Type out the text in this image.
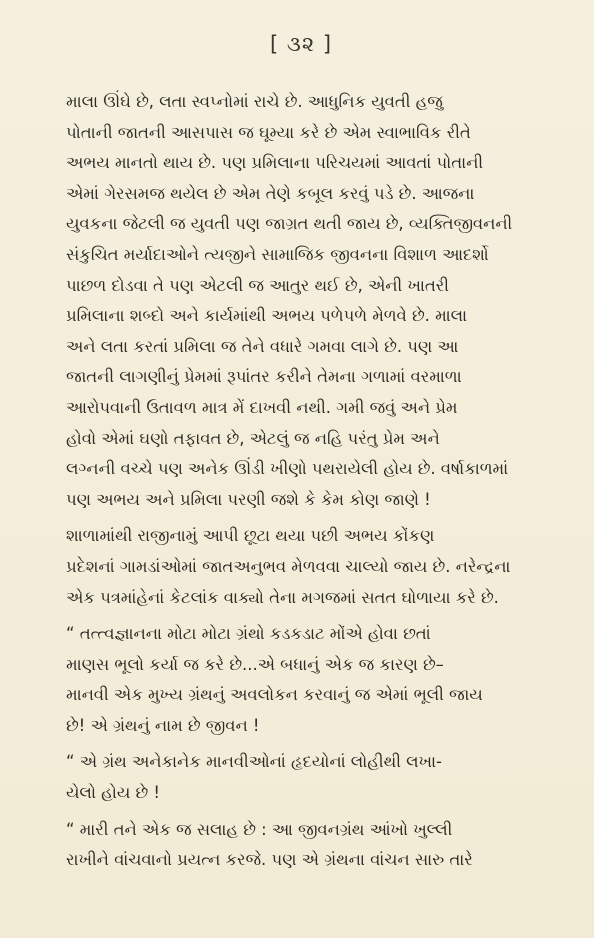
[ ૩૨ ]
માલા ઊંઘે છે, લતા સ્વપ્નોમાં રાચે છે. આધુનિક યુવતી હજુ
પોતાની જાતની આસપાસ જ ઘૂમ્યા કરે છે એમ સ્વાભાવિક રીતે
અભય માનતો થાય છે. પણ પ્રમિલાના પરિચયમાં આવતાં પોતાની
એમાં ગેરસમજ થયેલ છે એમ તેણે કબૂલ કરવું પડે છે. આજના
યુવકના જેટલી જ યુવતી પણ જાગ્રત થતી જાય છે, વ્યક્તિજીવનની
સંકુચિત મર્યાદાઓને ત્યજીને સામાજિક જીવનના વિશાળ આદર્શો
પાછળ દોડવા તે પણ એટલી જ આતુર થઈ છે, એની ખાતરી
પ્રમિલાના શબ્દો અને કાર્યમાંથી અભય પળેપળે મેળવે છે. માલા
અને લતા કરતાં પ્રમિલા જ તેને વધારે ગમવા લાગે છે. પણ આ
જાતની લાગણીનું પ્રેમમાં રૂપાંતર કરીને તેમના ગળામાં વરમાળા
આરોપવાની ઉતાવળ માત્ર મેં દાખવી નથી. ગમી જવું અને પ્રેમ
હોવો એમાં ઘણો તફાવત છે, એટલું જ નહિ પરંતુ પ્રેમ અને
લગ્નની વચ્ચે પણ અનેક ઊંડી ખીણો પથરાયેલી હોય છે. વર્ષાકાળમાં
પણ અભય અને પ્રમિલા પરણી જશે કે કેમ કોણ જાણે !
શાળામાંથી રાજીનામું આપી છૂટા થયા પછી અભય કોંકણ
પ્રદેશનાં ગામડાંઓમાં જાતઅનુભવ મેળવવા ચાલ્યો જાય છે. નરેન્દ્રના
એક પત્રમાંહેનાં કેટલાંક વાક્યો તેના મગજમાં સતત ઘોળાયા કરે છે.
“ તત્ત્વજ્ઞાનના મોટા મોટા ગ્રંથો કડકડાટ મોંએ હોવા છતાં
માણસ ભૂલો કર્યા જ કરે છે...એ બધાનું એક જ કારણ છે–
માનવી એક મુખ્ય ગ્રંથનું અવલોકન કરવાનું જ એમાં ભૂલી જાય
છે! એ ગ્રંથનું નામ છે જીવન !
“ એ ગ્રંથ અનેકાનેક માનવીઓનાં હૃદયોનાં લોહીથી લખા-
યેલો હોય છે !
“ મારી તને એક જ સલાહ છે : આ જીવનગ્રંથ આંખો ખુલ્લી
રાખીને વાંચવાનો પ્રયત્ન કરજે. પણ એ ગ્રંથના વાંચન સારુ તારે
